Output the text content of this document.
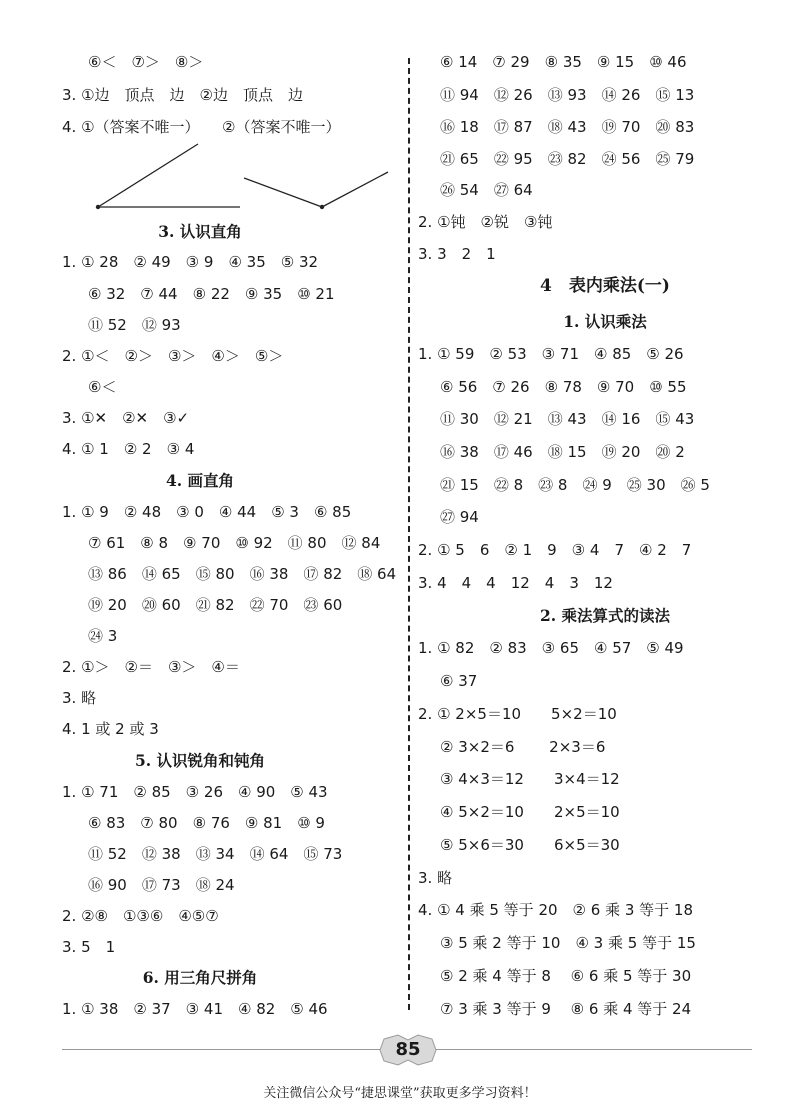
⑥＜　⑦＞　⑧＞
3. ①边　顶点　边　②边　顶点　边
4. ①（答案不唯一）　　②（答案不唯一）
3. 认识直角
1. ① 28　② 49　③ 9　④ 35　⑤ 32
⑥ 32　⑦ 44　⑧ 22　⑨ 35　⑩ 21
⑪ 52　⑫ 93
2. ①＜　②＞　③＞　④＞　⑤＞
⑥＜
3. ①✕　②✕　③✓
4. ① 1　② 2　③ 4
4. 画直角
1. ① 9　② 48　③ 0　④ 44　⑤ 3　⑥ 85
⑦ 61　⑧ 8　⑨ 70　⑩ 92　⑪ 80　⑫ 84
⑬ 86　⑭ 65　⑮ 80　⑯ 38　⑰ 82　⑱ 64
⑲ 20　⑳ 60　㉑ 82　㉒ 70　㉓ 60
㉔ 3
2. ①＞　②＝　③＞　④＝
3. 略
4. 1 或 2 或 3
5. 认识锐角和钝角
1. ① 71　② 85　③ 26　④ 90　⑤ 43
⑥ 83　⑦ 80　⑧ 76　⑨ 81　⑩ 9
⑪ 52　⑫ 38　⑬ 34　⑭ 64　⑮ 73
⑯ 90　⑰ 73　⑱ 24
2. ②⑧　①③⑥　④⑤⑦
3. 5　1
6. 用三角尺拼角
1. ① 38　② 37　③ 41　④ 82　⑤ 46
⑥ 14　⑦ 29　⑧ 35　⑨ 15　⑩ 46
⑪ 94　⑫ 26　⑬ 93　⑭ 26　⑮ 13
⑯ 18　⑰ 87　⑱ 43　⑲ 70　⑳ 83
㉑ 65　㉒ 95　㉓ 82　㉔ 56　㉕ 79
㉖ 54　㉗ 64
2. ①钝　②锐　③钝
3. 3　2　1
4　表内乘法(一)
1. 认识乘法
1. ① 59　② 53　③ 71　④ 85　⑤ 26
⑥ 56　⑦ 26　⑧ 78　⑨ 70　⑩ 55
⑪ 30　⑫ 21　⑬ 43　⑭ 16　⑮ 43
⑯ 38　⑰ 46　⑱ 15　⑲ 20　⑳ 2
㉑ 15　㉒ 8　㉓ 8　㉔ 9　㉕ 30　㉖ 5
㉗ 94
2. ① 5　6　② 1　9　③ 4　7　④ 2　7
3. 4　4　4　12　4　3　12
2. 乘法算式的读法
1. ① 82　② 83　③ 65　④ 57　⑤ 49
⑥ 37
2. ① 2×5＝10　　5×2＝10
② 3×2＝6　　 2×3＝6
③ 4×3＝12　　3×4＝12
④ 5×2＝10　　2×5＝10
⑤ 5×6＝30　　6×5＝30
3. 略
4. ① 4 乘 5 等于 20　② 6 乘 3 等于 18
③ 5 乘 2 等于 10　④ 3 乘 5 等于 15
⑤ 2 乘 4 等于 8　 ⑥ 6 乘 5 等于 30
⑦ 3 乘 3 等于 9　 ⑧ 6 乘 4 等于 24
85
关注微信公众号“捷思课堂”获取更多学习资料！
